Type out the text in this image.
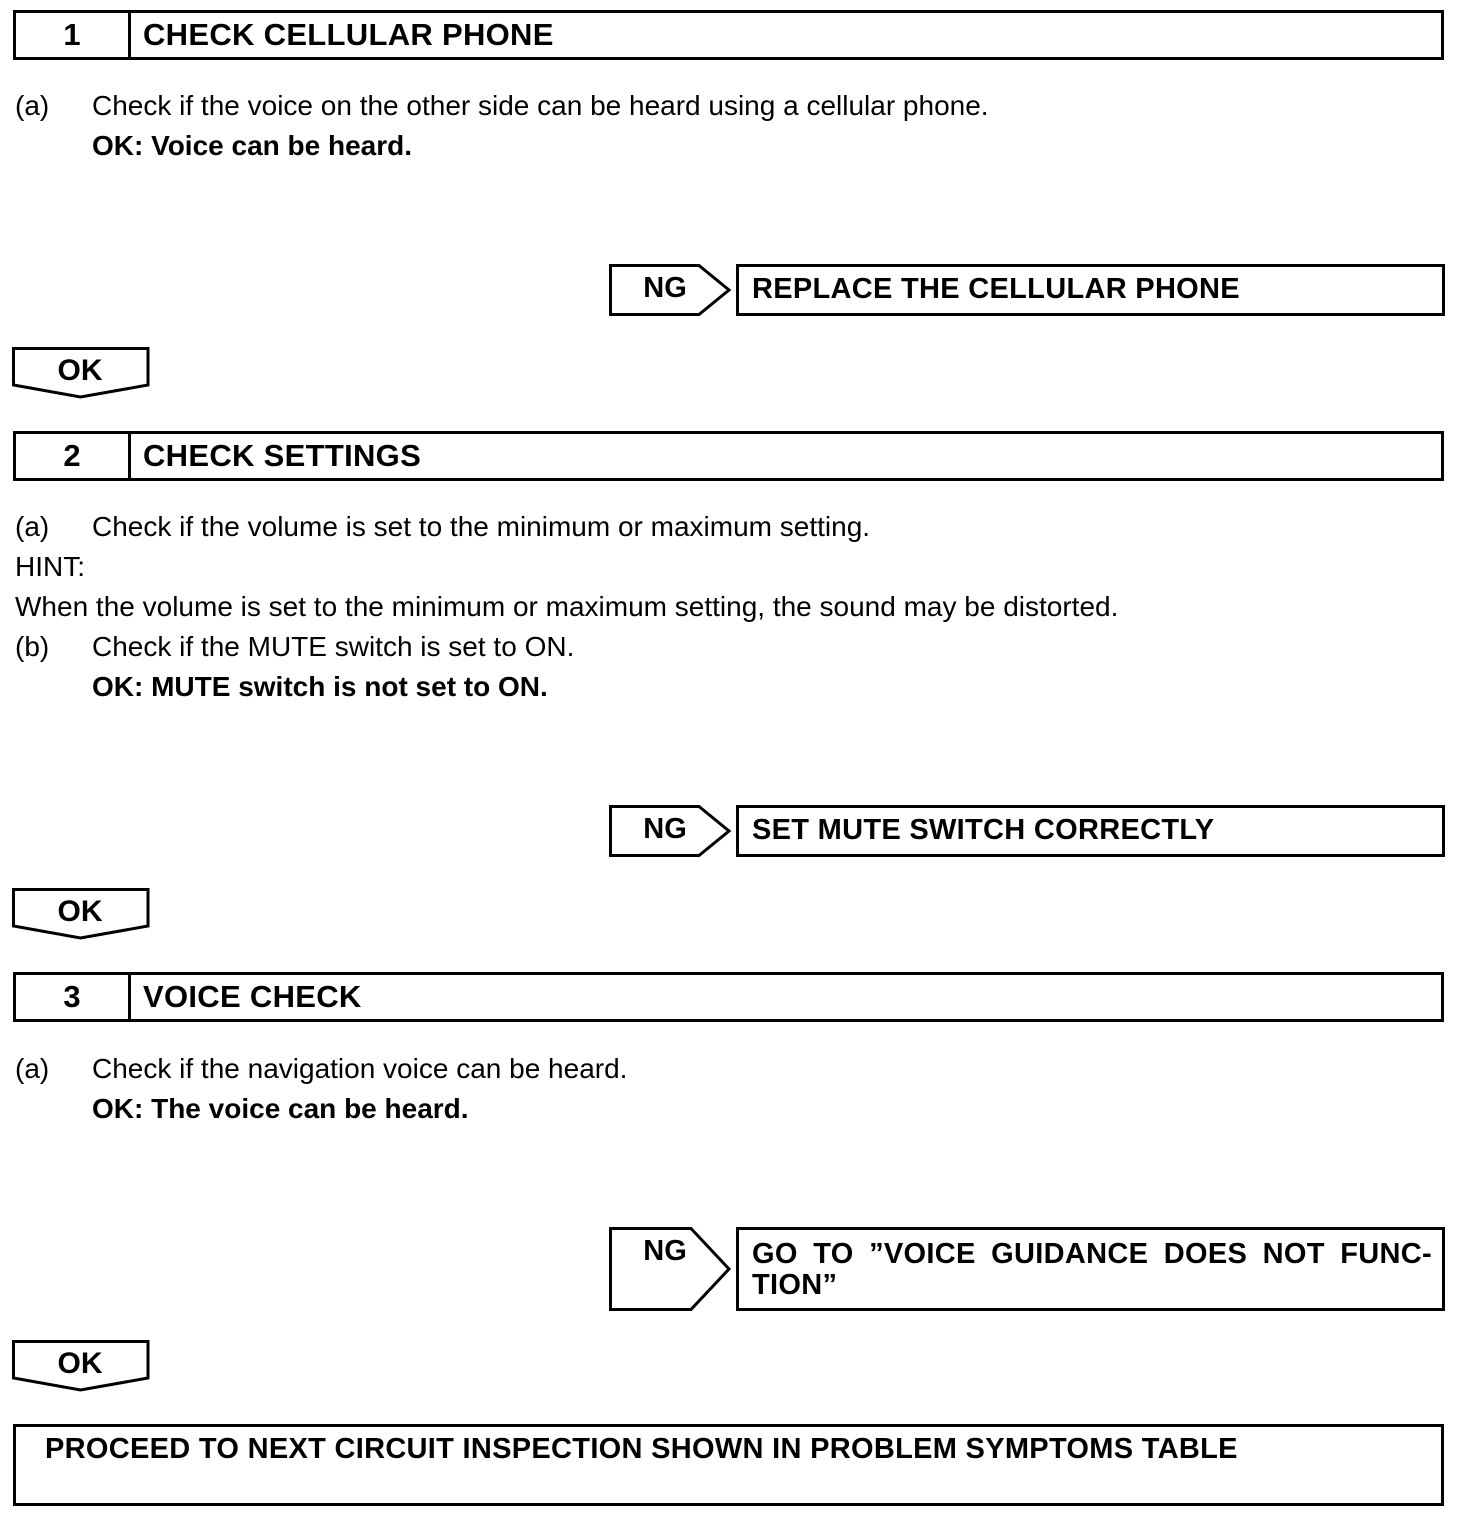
1	CHECK CELLULAR PHONE
(a) Check if the voice on the other side can be heard using a cellular phone.
OK: Voice can be heard.
NG	REPLACE THE CELLULAR PHONE
OK
2	CHECK SETTINGS
(a) Check if the volume is set to the minimum or maximum setting.
HINT:
When the volume is set to the minimum or maximum setting, the sound may be distorted.
(b) Check if the MUTE switch is set to ON.
OK: MUTE switch is not set to ON.
NG	SET MUTE SWITCH CORRECTLY
OK
3	VOICE CHECK
(a) Check if the navigation voice can be heard.
OK: The voice can be heard.
NG GO TO ”VOICE GUIDANCE DOES NOT FUNC-
TION”
OK
PROCEED TO NEXT CIRCUIT INSPECTION SHOWN IN PROBLEM SYMPTOMS TABLE
